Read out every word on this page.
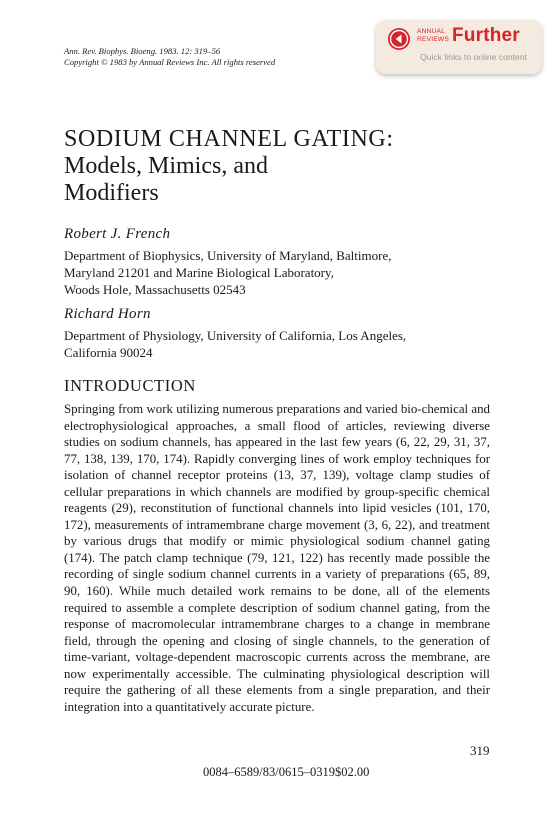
Ann. Rev. Biophys. Bioeng. 1983. 12: 319–56
Copyright © 1983 by Annual Reviews Inc. All rights reserved
ANNUAL
REVIEWS Further
Quick links to online content
SODIUM CHANNEL GATING:
Models, Mimics, and
Modifiers
Robert J. French
Department of Biophysics, University of Maryland, Baltimore,
Maryland 21201 and Marine Biological Laboratory,
Woods Hole, Massachusetts 02543
Richard Horn
Department of Physiology, University of California, Los Angeles,
California 90024
INTRODUCTION
Springing from work utilizing numerous preparations and varied bio-chemical and electrophysiological approaches, a small flood of articles, reviewing diverse studies on sodium channels, has appeared in the last few years (6, 22, 29, 31, 37, 77, 138, 139, 170, 174). Rapidly converging lines of work employ techniques for isolation of channel receptor proteins (13, 37, 139), voltage clamp studies of cellular preparations in which channels are modified by group-specific chemical reagents (29), reconstitution of functional channels into lipid vesicles (101, 170, 172), measurements of intramembrane charge movement (3, 6, 22), and treatment by various drugs that modify or mimic physiological sodium channel gating (174). The patch clamp technique (79, 121, 122) has recently made possible the recording of single sodium channel currents in a variety of preparations (65, 89, 90, 160). While much detailed work remains to be done, all of the elements required to assemble a complete description of sodium channel gating, from the response of macromolecular intramembrane charges to a change in membrane field, through the opening and closing of single channels, to the generation of time-variant, voltage-dependent macroscopic currents across the membrane, are now experimentally accessible. The culminating physiological description will require the gathering of all these elements from a single preparation, and their integration into a quantitatively accurate picture.
319
0084–6589/83/0615–0319$02.00
